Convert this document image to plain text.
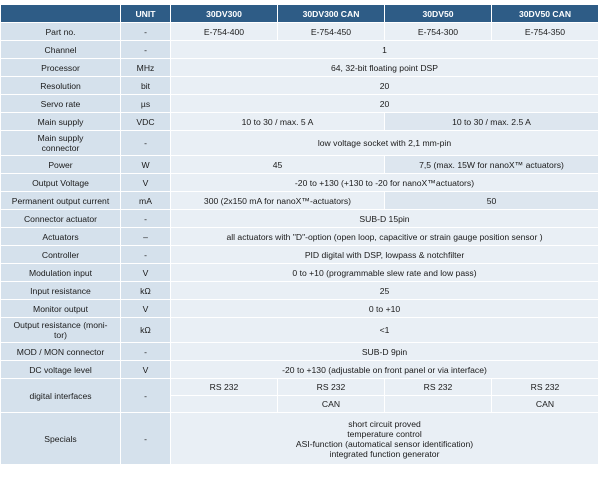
	UNIT	30DV300	30DV300 CAN	30DV50	30DV50 CAN
Part no.	-	E-754-400	E-754-450	E-754-300	E-754-350
Channel	-	1			
Processor	MHz	64, 32-bit floating point DSP			
Resolution	bit	20			
Servo rate	µs	20			
Main supply	VDC	10 to 30 / max. 5 A		10 to 30 / max. 2.5 A	

Main supply
connector	-	low voltage socket with 2,1 mm-pin			
Power	W	45		7,5 (max. 15W for nanoX™ actuators)	
Output Voltage	V	-20 to +130 (+130 to -20 for nanoX™actuators)			
Permanent output current	mA	300 (2x150 mA for nanoX™-actuators)		50	
Connector actuator	-	SUB-D 15pin			
Actuators	–	all actuators with "D"-option (open loop, capacitive or strain gauge position sensor )			
Controller	-	PID digital with DSP, lowpass & notchfilter			
Modulation input	V	0 to +10 (programmable slew rate and low pass)			
Input resistance	kΩ	25			
Monitor output	V	0 to +10			

Output resistance (moni-
tor)	kΩ	<1			
MOD / MON connector	-	SUB-D 9pin			
DC voltage level	V	-20 to +130 (adjustable on front panel or via interface)			
digital interfaces	-	RS 232	RS 232	RS 232	RS 232
			CAN		CAN
Specials	-	short circuit proved
temperature control
ASI-function (automatical sensor identification)
integrated function generator			
